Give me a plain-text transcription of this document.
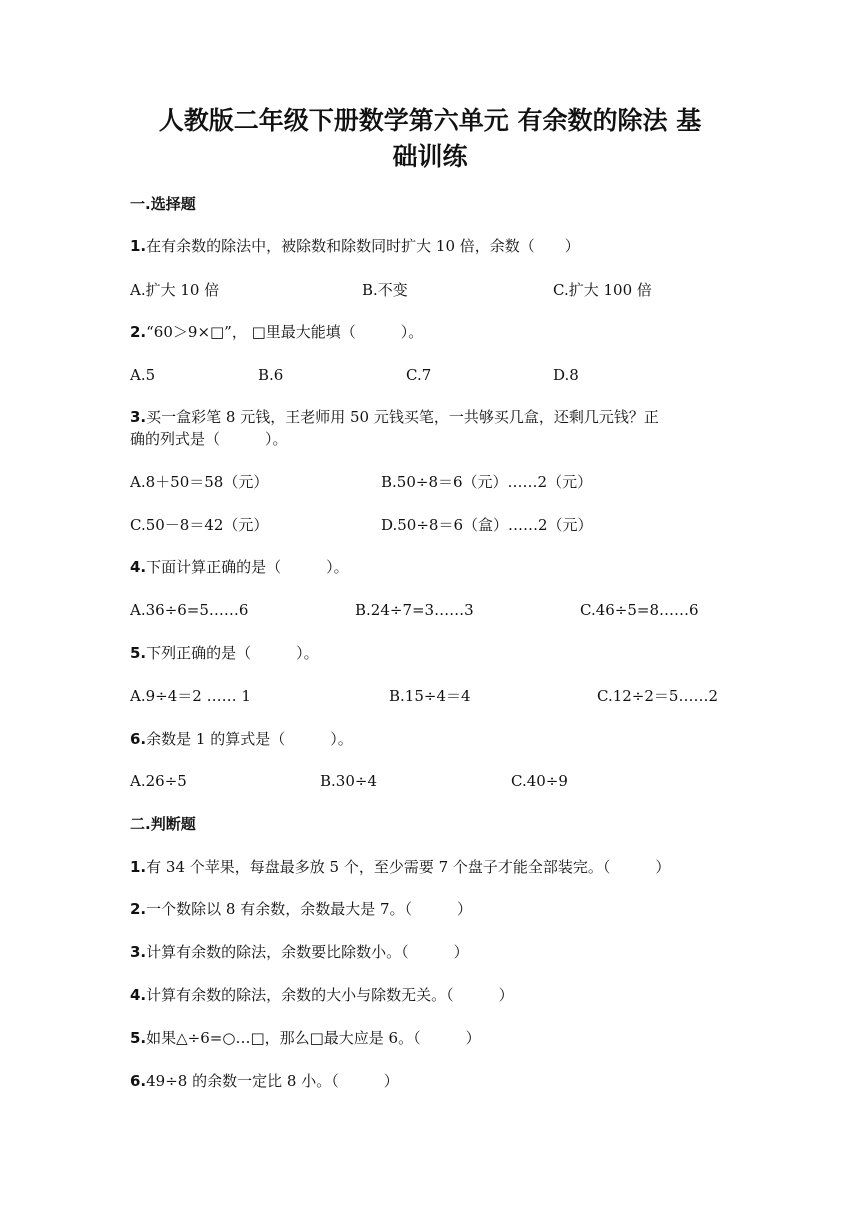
人教版二年级下册数学第六单元 有余数的除法 基
础训练
一.选择题
1.在有余数的除法中，被除数和除数同时扩大 10 倍，余数（　　）
A.扩大 10 倍	B.不变	C.扩大 100 倍
2.“60＞9×□”， □里最大能填（　　　）。
A.5	B.6	C.7	D.8
3.买一盒彩笔 8 元钱，王老师用 50 元钱买笔，一共够买几盒，还剩几元钱？正
确的列式是（　　　）。
A.8＋50＝58（元）	B.50÷8＝6（元）……2（元）
C.50－8＝42（元）	D.50÷8＝6（盒）……2（元）
4.下面计算正确的是（　　　）。
A.36÷6=5……6	B.24÷7=3……3	C.46÷5=8……6
5.下列正确的是（　　　）。
A.9÷4＝2 …… 1	B.15÷4＝4	C.12÷2＝5……2
6.余数是 1 的算式是（　　　）。
A.26÷5	B.30÷4	C.40÷9
二.判断题
1.有 34 个苹果，每盘最多放 5 个，至少需要 7 个盘子才能全部装完。（　　　）
2.一个数除以 8 有余数，余数最大是 7。（　　　）
3.计算有余数的除法，余数要比除数小。（　　　）
4.计算有余数的除法，余数的大小与除数无关。（　　　）
5.如果△÷6=○…□，那么□最大应是 6。（　　　）
6.49÷8 的余数一定比 8 小。（　　　）
